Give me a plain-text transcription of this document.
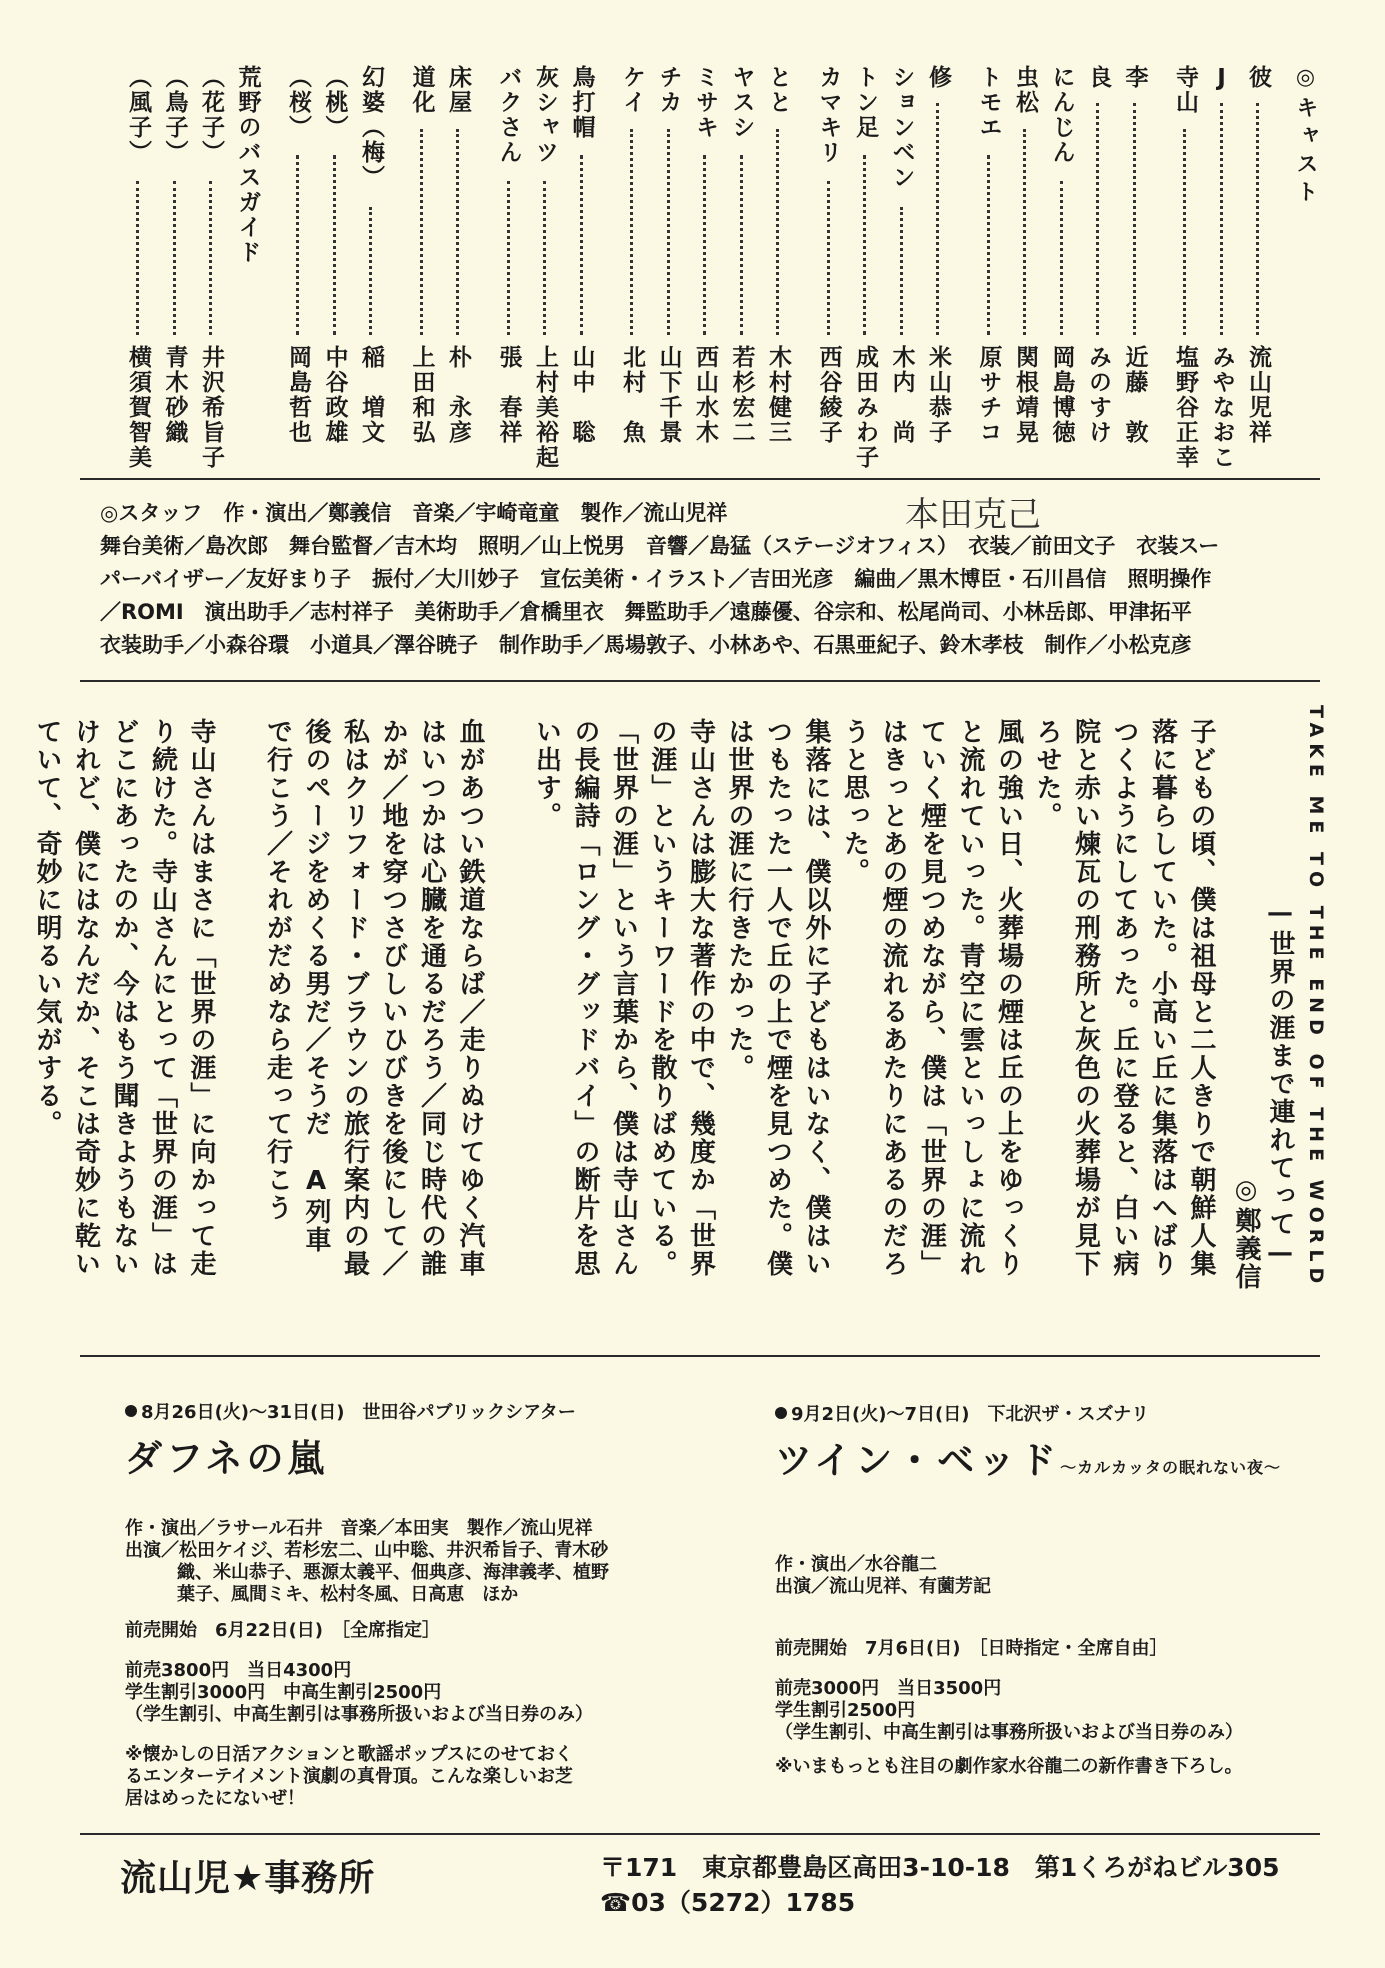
◎キャスト
彼
流山児祥
J
みやなおこ
寺山
塩野谷正幸
李
近藤　敦
良
みのすけ
にんじん
岡島博徳
虫松
関根靖晃
トモエ
原サチコ
修
米山恭子
ションベン
木内　尚
トン足
成田みわ子
カマキリ
西谷綾子
とと
木村健三
ヤスシ
若杉宏二
ミサキ
西山水木
チカ
山下千景
ケイ
北村　魚
鳥打帽
山中　聡
灰シャツ
上村美裕起
バクさん
張　春祥
床屋
朴　永彦
道化
上田和弘
幻婆（梅）
稲　増文
（桃）
中谷政雄
（桜）
岡島哲也
荒野のバスガイド
（花子）
井沢希旨子
（鳥子）
青木砂織
（風子）
横須賀智美
本田克己
◎スタッフ　作・演出／鄭義信　音楽／宇崎竜童　製作／流山児祥
舞台美術／島次郎　舞台監督／吉木均　照明／山上悦男　音響／島猛（ステージオフィス）　衣装／前田文子　衣装スー
パーバイザー／友好まり子　振付／大川妙子　宣伝美術・イラスト／吉田光彦　編曲／黒木博臣・石川昌信　照明操作
／ROMI　演出助手／志村祥子　美術助手／倉橋里衣　舞監助手／遠藤優、谷宗和、松尾尚司、小林岳郎、甲津拓平
衣装助手／小森谷環　小道具／澤谷暁子　制作助手／馬場敦子、小林あや、石黒亜紀子、鈴木孝枝　制作／小松克彦
TAKE ME TO THE END OF THE WORLD
—世界の涯まで連れてって—
◎鄭義信

子どもの頃、僕は祖母と二人きりで朝鮮人集落に暮らしていた。小高い丘に集落はへばりつくようにしてあった。丘に登ると、白い病院と赤い煉瓦の刑務所と灰色の火葬場が見下ろせた。

風の強い日、火葬場の煙は丘の上をゆっくりと流れていった。青空に雲といっしょに流れていく煙を見つめながら、僕は「世界の涯」はきっとあの煙の流れるあたりにあるのだろうと思った。

集落には、僕以外に子どもはいなく、僕はいつもたった一人で丘の上で煙を見つめた。僕は世界の涯に行きたかった。

寺山さんは膨大な著作の中で、幾度か「世界の涯」というキーワードを散りばめている。「世界の涯」という言葉から、僕は寺山さんの長編詩「ロング・グッドバイ」の断片を思い出す。

血があつい鉄道ならば／走りぬけてゆく汽車はいつかは心臓を通るだろう／同じ時代の誰かが／地を穿つさびしいひびきを後にして／私はクリフォード・ブラウンの旅行案内の最後のページをめくる男だ／そうだ　A列車で行こう／それがだめなら走って行こう

寺山さんはまさに「世界の涯」に向かって走り続けた。寺山さんにとって「世界の涯」はどこにあったのか、今はもう聞きようもないけれど、僕にはなんだか、そこは奇妙に乾いていて、奇妙に明るい気がする。

8月26日(火)〜31日(日)　世田谷パブリックシアター
ダフネの嵐
作・演出／ラサール石井　音楽／本田実　製作／流山児祥
出演／松田ケイジ、若杉宏二、山中聡、井沢希旨子、青木砂
織、米山恭子、悪源太義平、佃典彦、海津義孝、植野
葉子、風間ミキ、松村冬風、日高恵　ほか
前売開始　6月22日(日)　［全席指定］
前売3800円　当日4300円
学生割引3000円　中高生割引2500円
（学生割引、中高生割引は事務所扱いおよび当日券のみ）
※懐かしの日活アクションと歌謡ポップスにのせておく
るエンターテイメント演劇の真骨頂。こんな楽しいお芝
居はめったにないぜ！
9月2日(火)〜7日(日)　下北沢ザ・スズナリ
ツイン・ベッド〜カルカッタの眠れない夜〜
作・演出／水谷龍二
出演／流山児祥、有薗芳記
前売開始　7月6日(日)　［日時指定・全席自由］
前売3000円　当日3500円
学生割引2500円
（学生割引、中高生割引は事務所扱いおよび当日券のみ）
※いまもっとも注目の劇作家水谷龍二の新作書き下ろし。
流山児★事務所	〒171　東京都豊島区高田3-10-18　第1くろがねビル305
☎03（5272）1785
